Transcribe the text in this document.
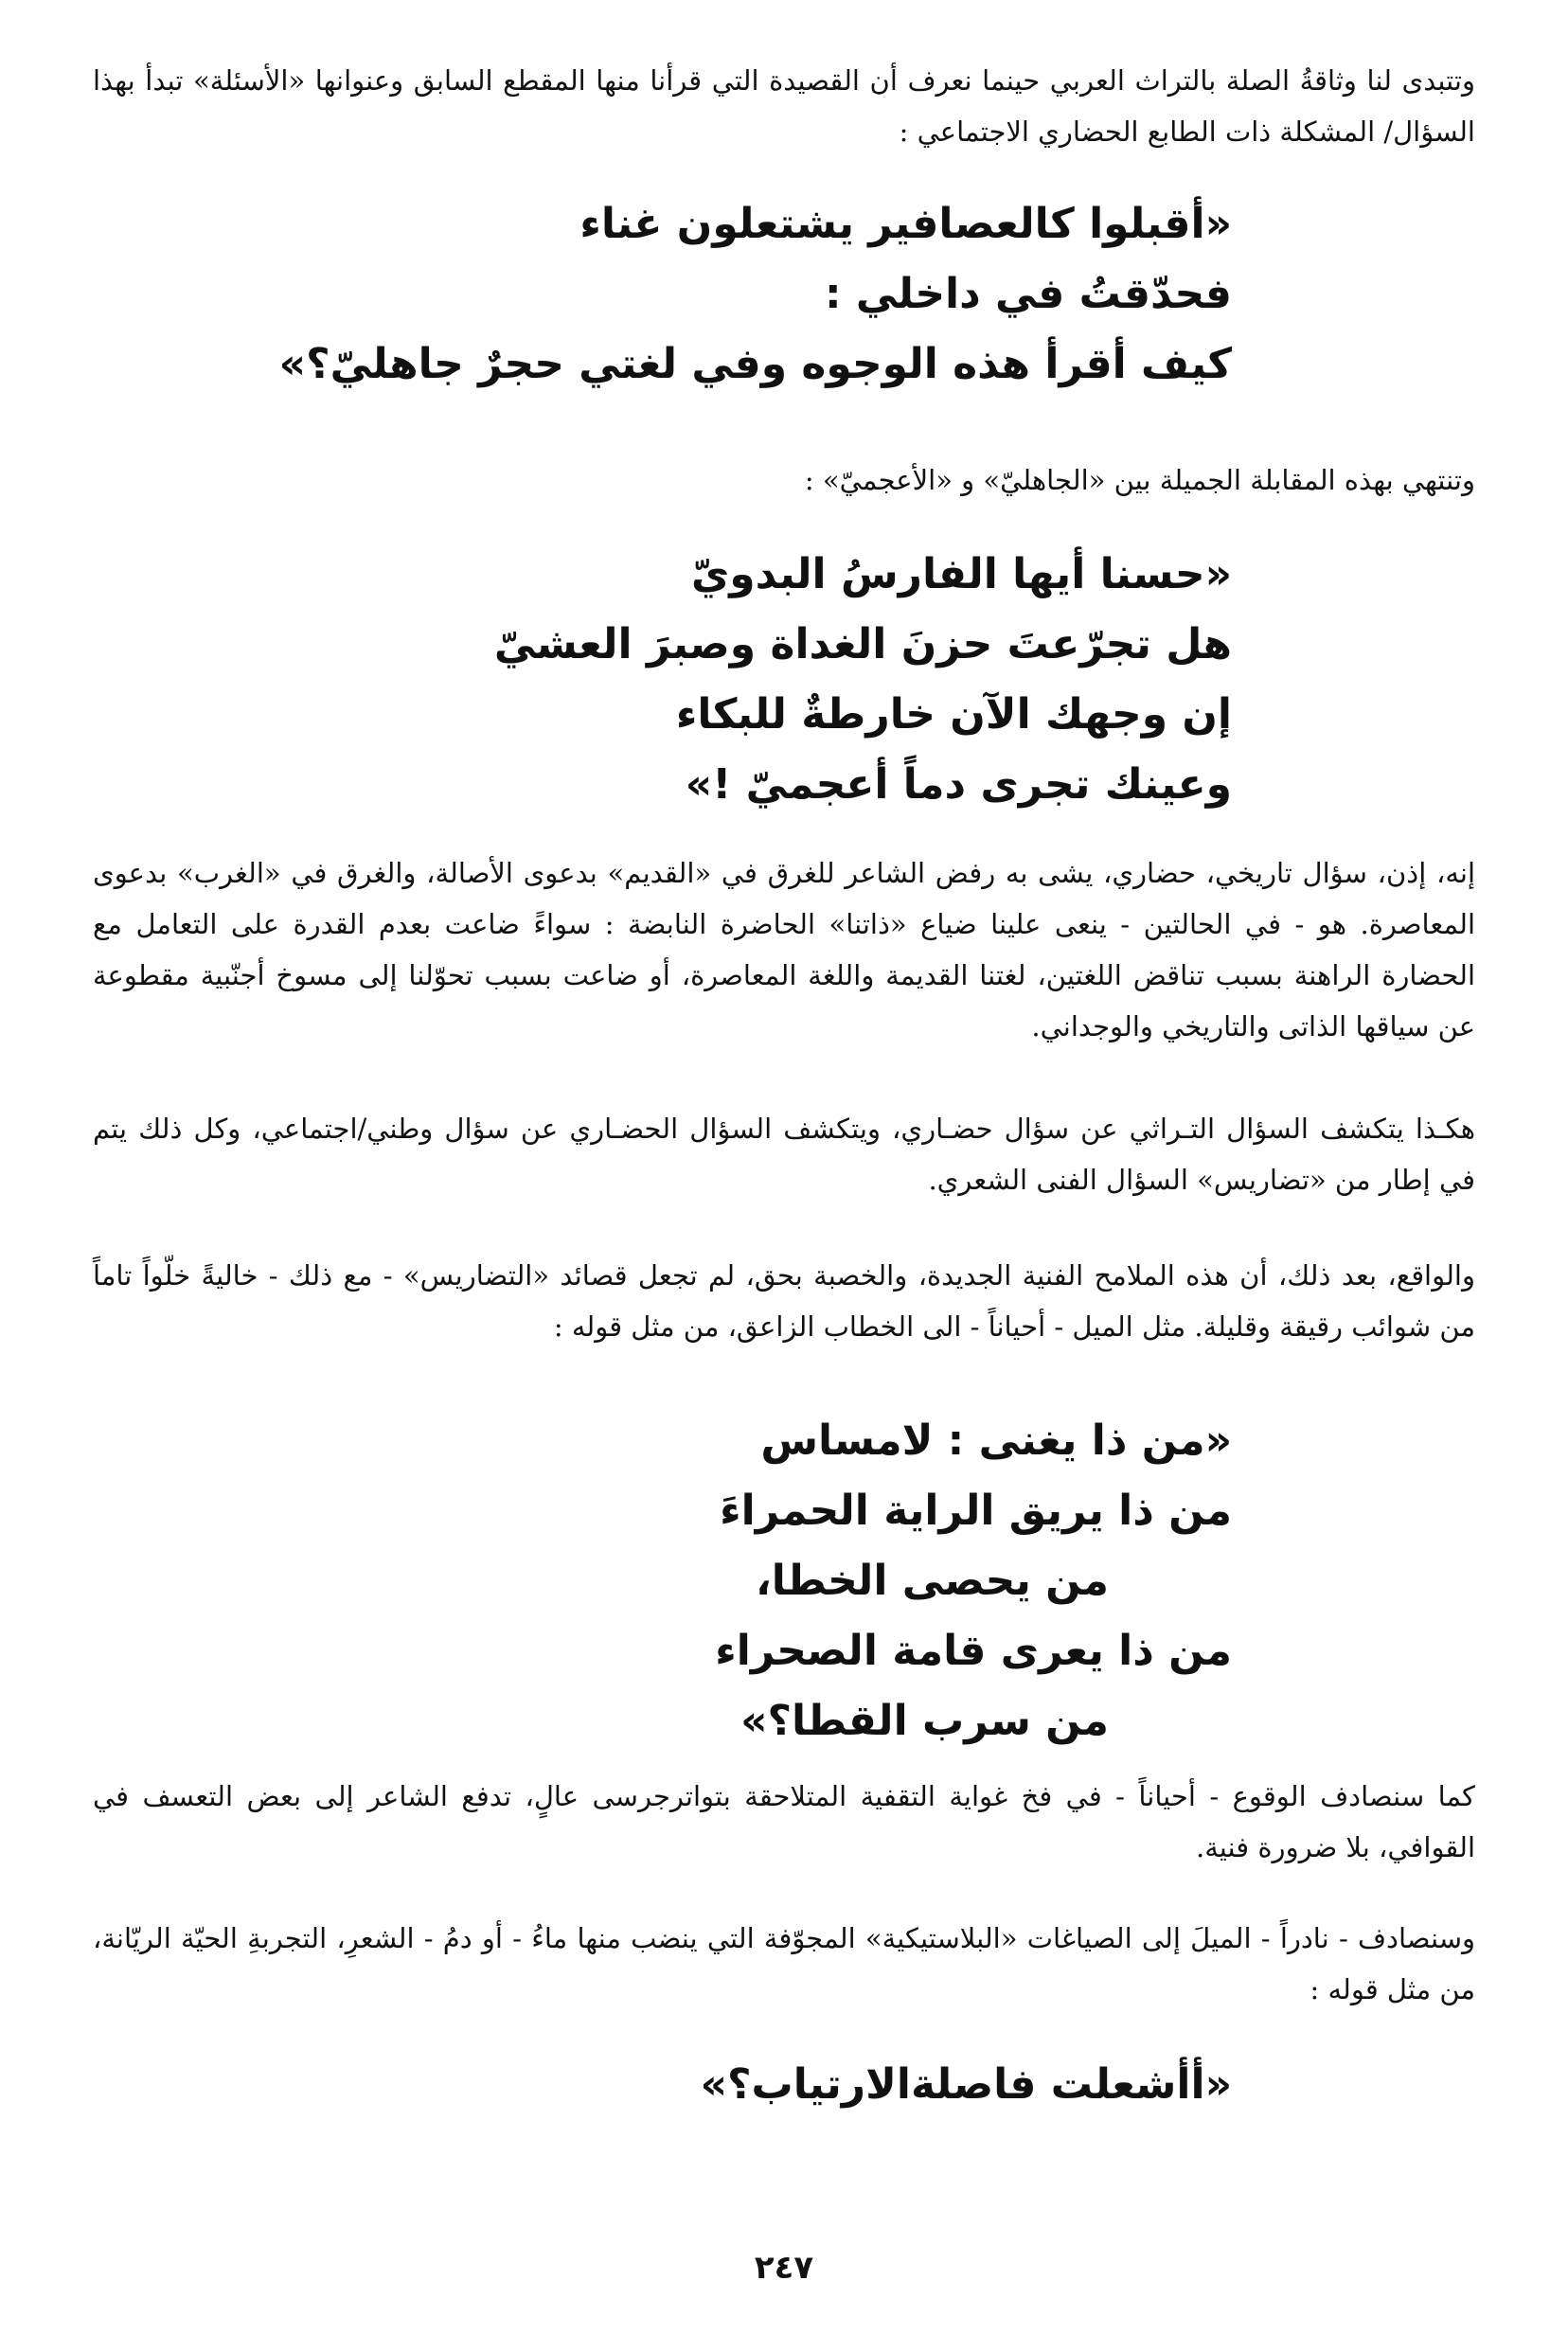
وتتبدى لنا وثاقةُ الصلة بالتراث العربي حينما نعرف أن القصيدة التي قرأنا منها المقطع السابق وعنوانها «الأسئلة» تبدأ بهذا السؤال/ المشكلة ذات الطابع الحضاري الاجتماعي :

«أقبلوا كالعصافير يشتعلون غناء
فحدّقتُ في داخلي :
كيف أقرأ هذه الوجوه وفي لغتي حجرٌ جاهليّ؟»

وتنتهي بهذه المقابلة الجميلة بين «الجاهليّ» و «الأعجميّ» :

«حسنا أيها الفارسُ البدويّ
هل تجرّعتَ حزنَ الغداة وصبرَ العشيّ
إن وجهك الآن خارطةٌ للبكاء
وعينك تجرى دماً أعجميّ !»

إنه، إذن، سؤال تاريخي، حضاري، يشى به رفض الشاعر للغرق في «القديم» بدعوى الأصالة، والغرق في «الغرب» بدعوى المعاصرة. هو - في الحالتين - ينعى علينا ضياع «ذاتنا» الحاضرة النابضة : سواءً ضاعت بعدم القدرة على التعامل مع الحضارة الراهنة بسبب تناقض اللغتين، لغتنا القديمة واللغة المعاصرة، أو ضاعت بسبب تحوّلنا إلى مسوخ أجنّبية مقطوعة عن سياقها الذاتى والتاريخي والوجداني.

هكـذا يتكشف السؤال التـراثي عن سؤال حضـاري، ويتكشف السؤال الحضـاري عن سؤال وطني/اجتماعي، وكل ذلك يتم في إطار من «تضاريس» السؤال الفنى الشعري.

والواقع، بعد ذلك، أن هذه الملامح الفنية الجديدة، والخصبة بحق، لم تجعل قصائد «التضاريس» - مع ذلك - خاليةً خلّواً تاماً من شوائب رقيقة وقليلة. مثل الميل - أحياناً - الى الخطاب الزاعق، من مثل قوله :

«من ذا يغنى : لامساس
من ذا يريق الراية الحمراءَ
من يحصى الخطا،
من ذا يعرى قامة الصحراء
من سرب القطا؟»

كما سنصادف الوقوع - أحياناً - في فخ غواية التقفية المتلاحقة بتواترجرسى عالٍ، تدفع الشاعر إلى بعض التعسف في القوافي، بلا ضرورة فنية.

وسنصادف - نادراً - الميلَ إلى الصياغات «البلاستيكية» المجوّفة التي ينضب منها ماءُ - أو دمُ - الشعرِ، التجربةِ الحيّة الريّانة، من مثل قوله :

«أأشعلت فاصلةالارتياب؟»
٢٤٧
